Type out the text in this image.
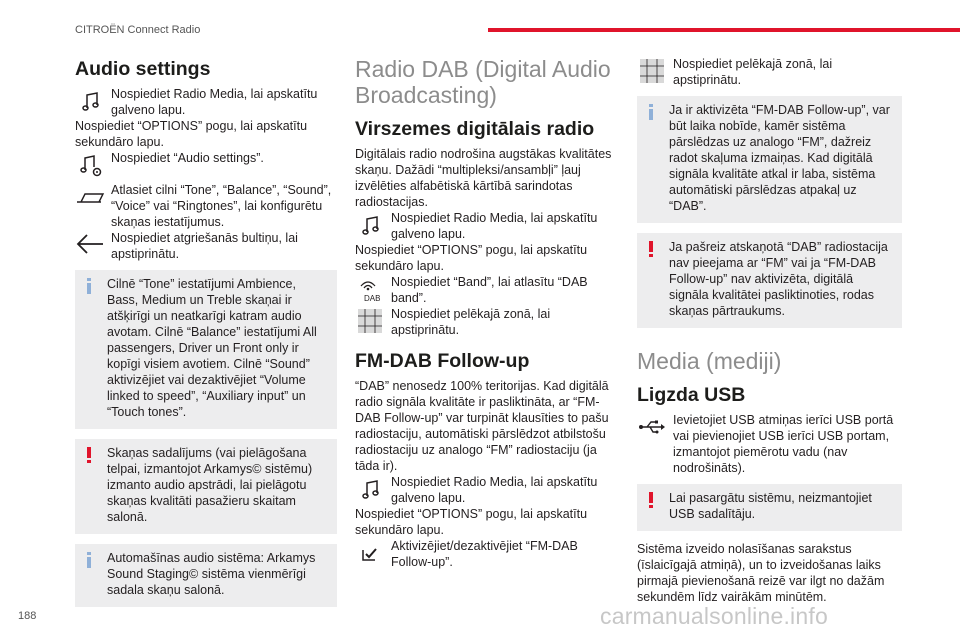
CITROËN Connect Radio
Audio settings
Nospiediet Radio Media, lai apskatītu galveno lapu.

Nospiediet “OPTIONS” pogu, lai apskatītu sekundāro lapu.

Nospiediet “Audio settings”.
Atlasiet cilni “Tone”, “Balance”, “Sound”, “Voice” vai “Ringtones”, lai konfigurētu skaņas iestatījumus.
Nospiediet atgriešanās bultiņu, lai apstiprinātu.

Cilnē “Tone” iestatījumi Ambience, Bass, Medium un Treble skaņai ir atšķirīgi un neatkarīgi katram audio avotam. Cilnē “Balance” iestatījumi All passengers, Driver un Front only ir kopīgi visiem avotiem. Cilnē “Sound” aktivizējiet vai dezaktivējiet “Volume linked to speed”, “Auxiliary input” un “Touch tones”.

Skaņas sadalījums (vai pielāgošana telpai, izmantojot Arkamys© sistēmu) izmanto audio apstrādi, lai pielāgotu skaņas kvalitāti pasažieru skaitam salonā.

Automašīnas audio sistēma: Arkamys Sound Staging© sistēma vienmērīgi sadala skaņu salonā.

Radio DAB (Digital Audio Broadcasting)
Virszemes digitālais radio

Digitālais radio nodrošina augstākas kvalitātes skaņu. Dažādi “multipleksi/ansambļi” ļauj izvēlēties alfabētiskā kārtībā sarindotas radiostacijas.

Nospiediet Radio Media, lai apskatītu galveno lapu.

Nospiediet “OPTIONS” pogu, lai apskatītu sekundāro lapu.

DAB
Nospiediet “Band”, lai atlasītu “DAB band”.
Nospiediet pelēkajā zonā, lai apstiprinātu.
FM-DAB Follow-up

“DAB” nenosedz 100% teritorijas. Kad digitālā radio signāla kvalitāte ir pasliktināta, ar “FM-DAB Follow-up” var turpināt klausīties to pašu radiostaciju, automātiski pārslēdzot atbilstošu radiostaciju uz analogo “FM” radiostaciju (ja tāda ir).

Nospiediet Radio Media, lai apskatītu galveno lapu.

Nospiediet “OPTIONS” pogu, lai apskatītu sekundāro lapu.

Aktivizējiet/dezaktivējiet “FM-DAB Follow-up”.
Nospiediet pelēkajā zonā, lai apstiprinātu.

Ja ir aktivizēta “FM-DAB Follow-up”, var būt laika nobīde, kamēr sistēma pārslēdzas uz analogo “FM”, dažreiz radot skaļuma izmaiņas. Kad digitālā signāla kvalitāte atkal ir laba, sistēma automātiski pārslēdzas atpakaļ uz “DAB”.

Ja pašreiz atskaņotā “DAB” radiostacija nav pieejama ar “FM” vai ja “FM-DAB Follow-up” nav aktivizēta, digitālā signāla kvalitātei pasliktinoties, rodas skaņas pārtraukums.

Media (mediji)
Ligzda USB
Ievietojiet USB atmiņas ierīci USB portā vai pievienojiet USB ierīci USB portam, izmantojot piemērotu vadu (nav nodrošināts).

Lai pasargātu sistēmu, neizmantojiet USB sadalītāju.

Sistēma izveido nolasīšanas sarakstus (īslaicīgajā atmiņā), un to izveidošanas laiks pirmajā pievienošanā reizē var ilgt no dažām sekundēm līdz vairākām minūtēm.

188	carmanualsonline.info
